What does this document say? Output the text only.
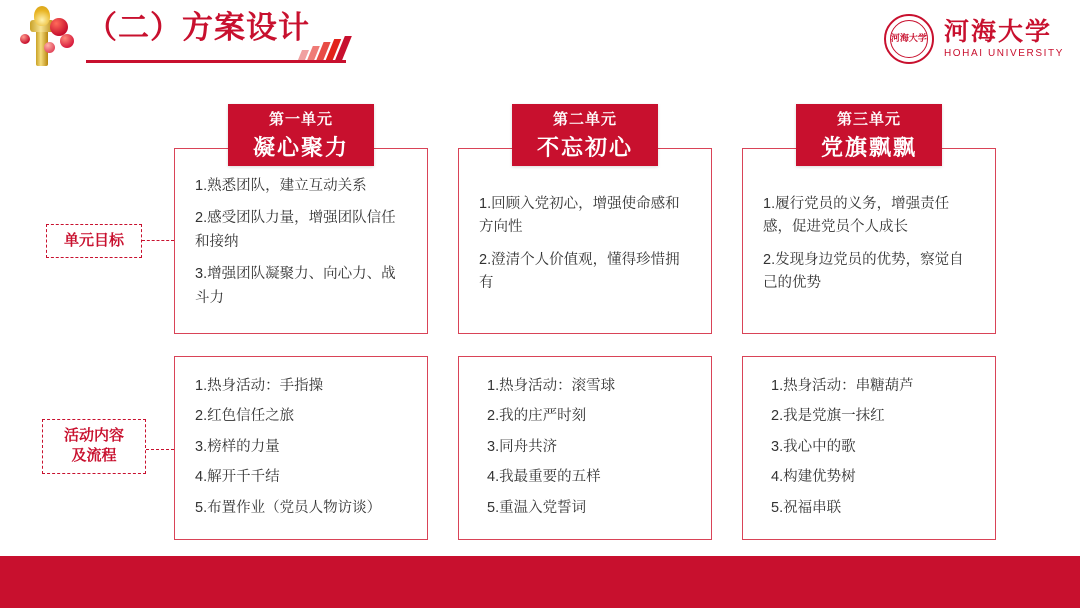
（二）方案设计	河海大学 河海大学
HOHAI UNIVERSITY
单元目标
活动内容
及流程
第一单元
凝心聚力
1.熟悉团队，建立互动关系
2.感受团队力量，增强团队信任和接纳
3.增强团队凝聚力、向心力、战斗力
1.热身活动：手指操
2.红色信任之旅
3.榜样的力量
4.解开千千结
5.布置作业（党员人物访谈）
第二单元
不忘初心
1.回顾入党初心，增强使命感和方向性
2.澄清个人价值观，懂得珍惜拥有
1.热身活动：滚雪球
2.我的庄严时刻
3.同舟共济
4.我最重要的五样
5.重温入党誓词
第三单元
党旗飘飘
1.履行党员的义务，增强责任感，促进党员个人成长
2.发现身边党员的优势，察觉自己的优势
1.热身活动：串糖葫芦
2.我是党旗一抹红
3.我心中的歌
4.构建优势树
5.祝福串联
